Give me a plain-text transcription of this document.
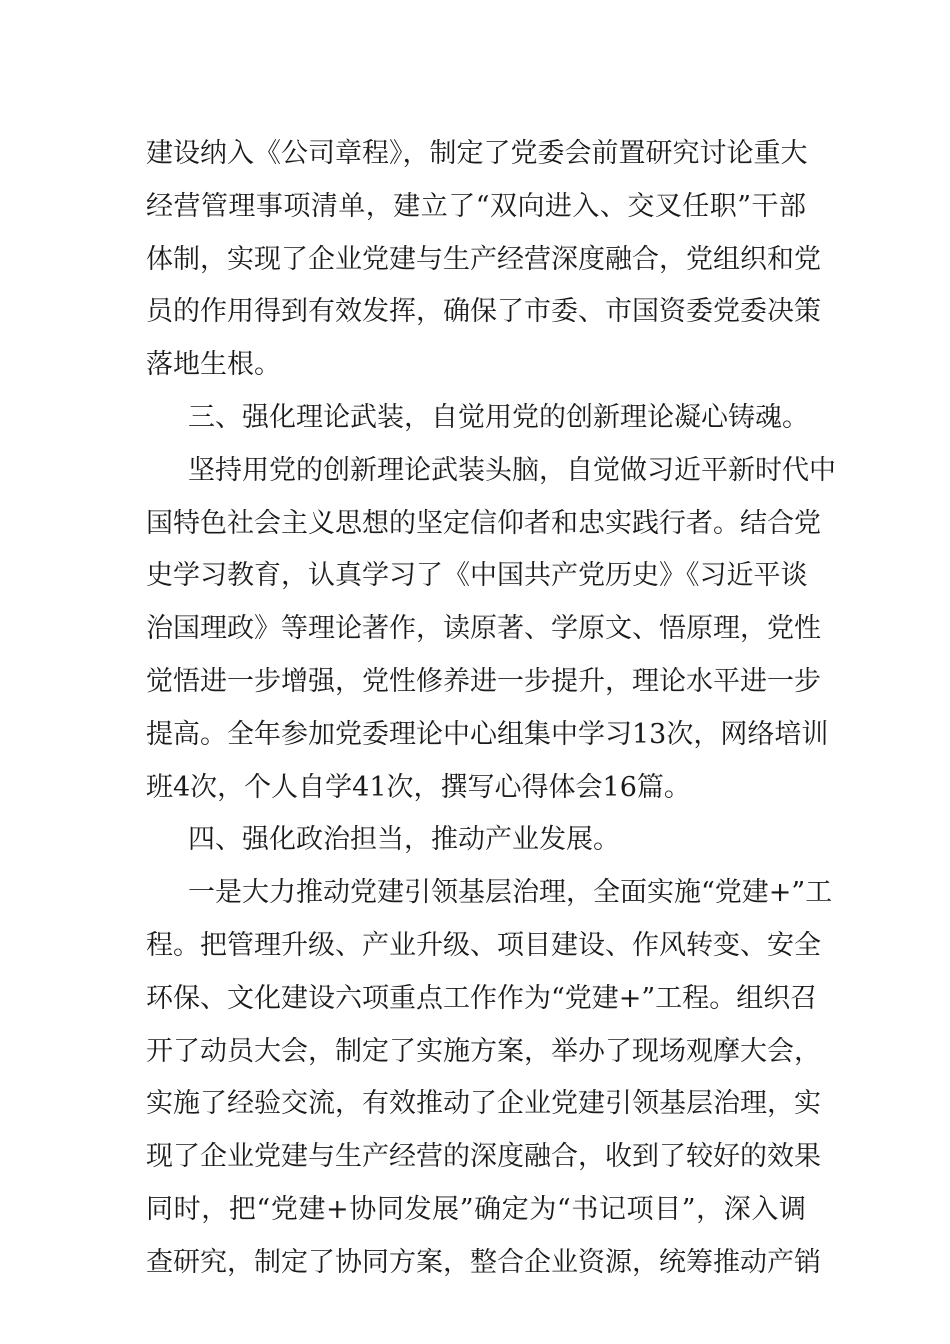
建设纳入《公司章程》，制定了党委会前置研究讨论重大
经营管理事项清单，建立了“双向进入、交叉任职”干部
体制，实现了企业党建与生产经营深度融合，党组织和党
员的作用得到有效发挥，确保了市委、市国资委党委决策
落地生根。
三、强化理论武装，自觉用党的创新理论凝心铸魂。
坚持用党的创新理论武装头脑，自觉做习近平新时代中
国特色社会主义思想的坚定信仰者和忠实践行者。结合党
史学习教育，认真学习了《中国共产党历史》《习近平谈
治国理政》等理论著作，读原著、学原文、悟原理，党性
觉悟进一步增强，党性修养进一步提升，理论水平进一步
提高。全年参加党委理论中心组集中学习13次，网络培训
班4次，个人自学41次，撰写心得体会16篇。
四、强化政治担当，推动产业发展。
一是大力推动党建引领基层治理，全面实施“党建+”工
程。把管理升级、产业升级、项目建设、作风转变、安全
环保、文化建设六项重点工作作为“党建+”工程。组织召
开了动员大会，制定了实施方案，举办了现场观摩大会，
实施了经验交流，有效推动了企业党建引领基层治理，实
现了企业党建与生产经营的深度融合，收到了较好的效果
同时，把“党建+协同发展”确定为“书记项目”，深入调
查研究，制定了协同方案，整合企业资源，统筹推动产销
